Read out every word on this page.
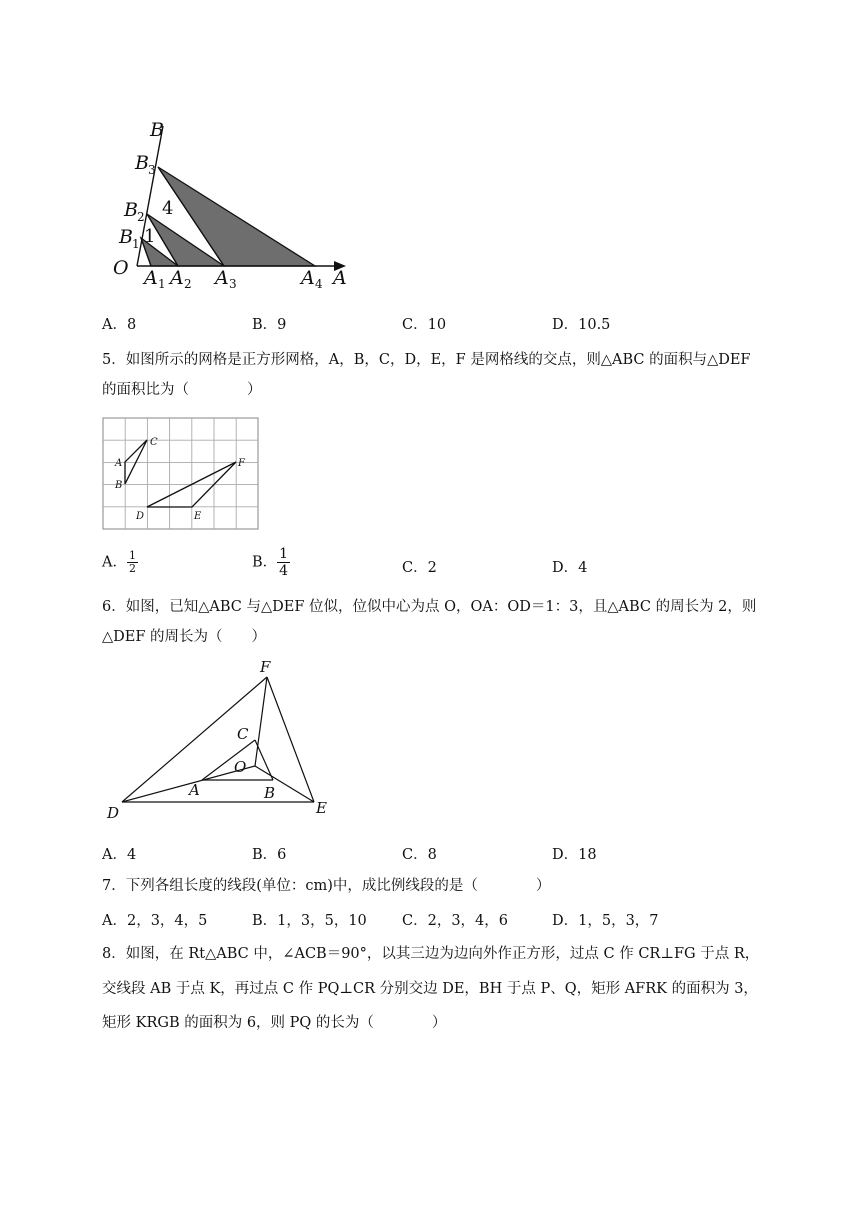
B
B 3
B 2
B 1
O A 1 A 2 A 3	A 4 A
4
1
A．8	B．9	C．10	D．10.5
5．如图所示的网格是正方形网格，A，B，C，D，E，F 是网格线的交点，则△ABC 的面积与△DEF
的面积比为（　　　　）
A
B
C
D	E
F
A． $\frac{1}{2}$	B． $\frac{1}{4}$	C．2	D．4
6．如图，已知△ABC 与△DEF 位似，位似中心为点 O，OA：OD＝1：3，且△ABC 的周长为 2，则
△DEF 的周长为（　　）
F
C
O
A	B
D	E
A．4	B．6	C．8	D．18
7．下列各组长度的线段(单位：cm)中，成比例线段的是（　　　　）
A．2，3，4，5	B．1，3，5，10 C．2，3，4，6	D．1，5，3，7
8．如图，在 Rt△ABC 中，∠ACB＝90°，以其三边为边向外作正方形，过点 C 作 CR⊥FG 于点 R，
交线段 AB 于点 K，再过点 C 作 PQ⊥CR 分别交边 DE，BH 于点 P、Q，矩形 AFRK 的面积为 3，
矩形 KRGB 的面积为 6，则 PQ 的长为（　　　　）
